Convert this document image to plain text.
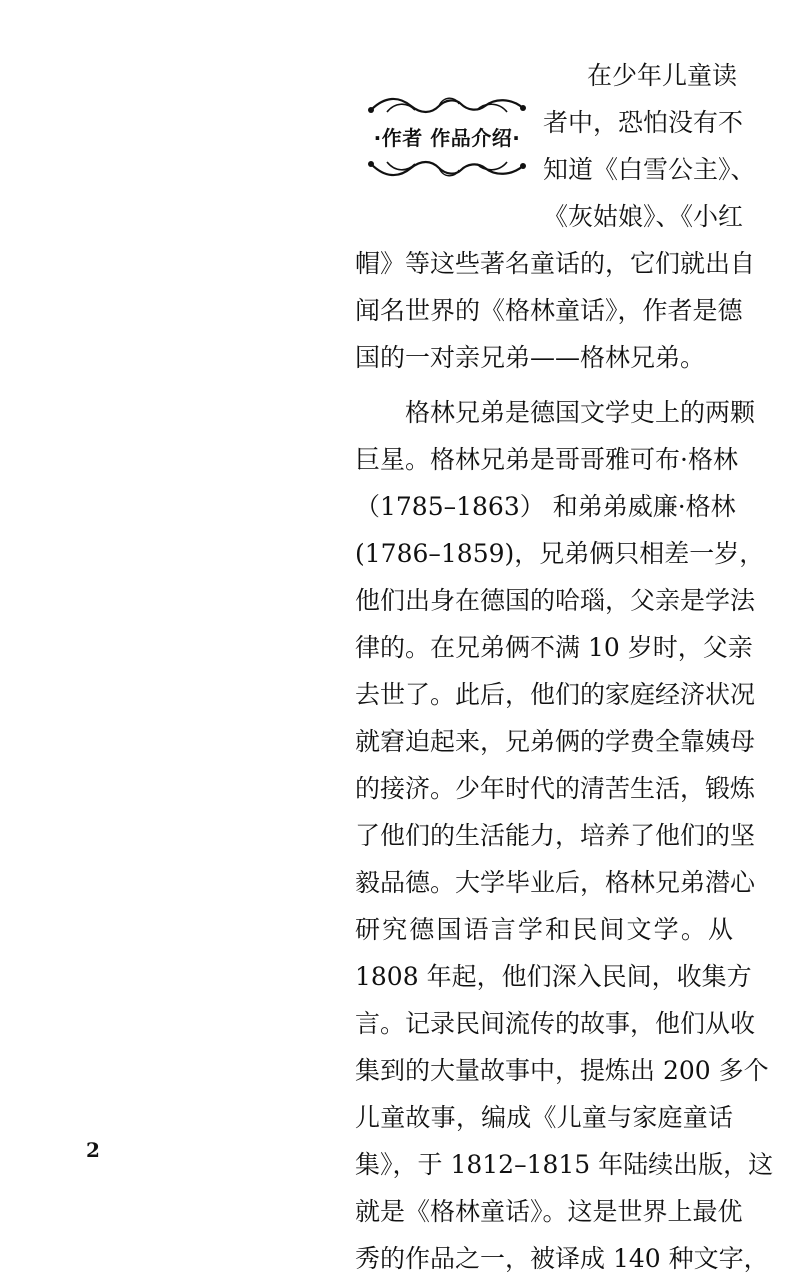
·作者 作品介绍·
在少年儿童读
者中，恐怕没有不
知道《白雪公主》、
《灰姑娘》、《小红
帽》等这些著名童话的，它们就出自
闻名世界的《格林童话》，作者是德
国的一对亲兄弟——格林兄弟。
格林兄弟是德国文学史上的两颗
巨星。格林兄弟是哥哥雅可布·格林
（1785–1863） 和弟弟威廉·格林
(1786–1859)，兄弟俩只相差一岁，
他们出身在德国的哈瑙，父亲是学法
律的。在兄弟俩不满 10 岁时，父亲
去世了。此后，他们的家庭经济状况
就窘迫起来，兄弟俩的学费全靠姨母
的接济。少年时代的清苦生活，锻炼
了他们的生活能力，培养了他们的坚
毅品德。大学毕业后，格林兄弟潜心
研究德国语言学和民间文学。从
1808 年起，他们深入民间，收集方
言。记录民间流传的故事，他们从收
集到的大量故事中，提炼出 200 多个
儿童故事，编成《儿童与家庭童话
集》，于 1812–1815 年陆续出版，这
就是《格林童话》。这是世界上最优
秀的作品之一，被译成 140 种文字，
2
